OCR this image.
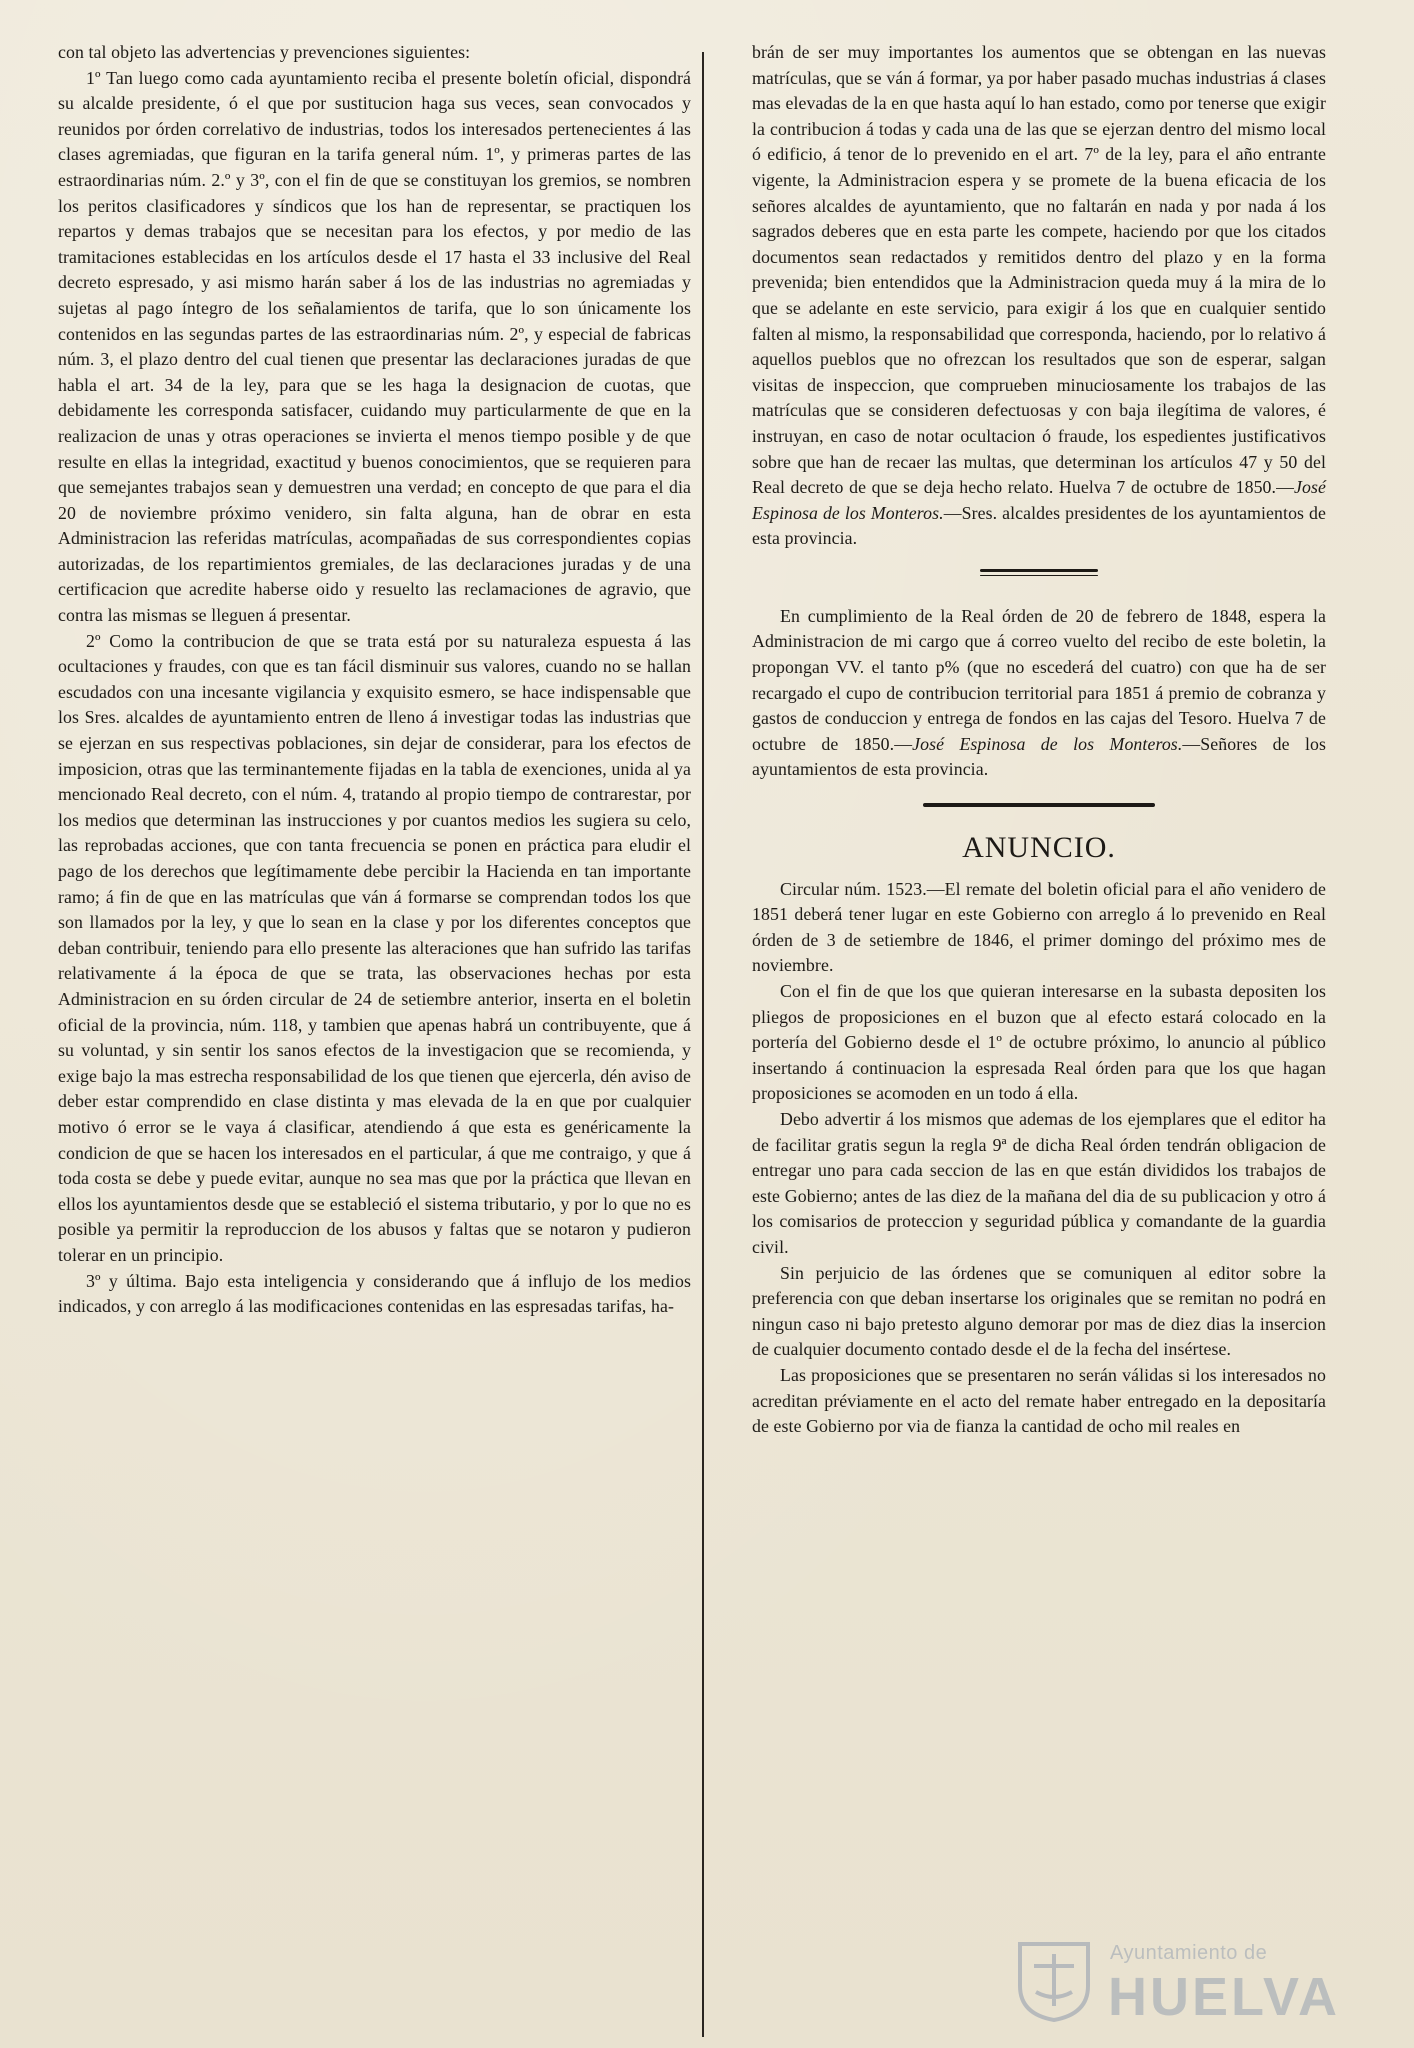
con tal objeto las advertencias y prevenciones siguientes:

1º Tan luego como cada ayuntamiento reciba el presente boletín oficial, dispondrá su alcalde presidente, ó el que por sustitucion haga sus veces, sean convocados y reunidos por órden correlativo de industrias, todos los interesados pertenecientes á las clases agremiadas, que figuran en la tarifa general núm. 1º, y primeras partes de las estraordinarias núm. 2.º y 3º, con el fin de que se constituyan los gremios, se nombren los peritos clasificadores y síndicos que los han de representar, se practiquen los repartos y demas trabajos que se necesitan para los efectos, y por medio de las tramitaciones establecidas en los artículos desde el 17 hasta el 33 inclusive del Real decreto espresado, y asi mismo harán saber á los de las industrias no agremiadas y sujetas al pago íntegro de los señalamientos de tarifa, que lo son únicamente los contenidos en las segundas partes de las estraordinarias núm. 2º, y especial de fabricas núm. 3, el plazo dentro del cual tienen que presentar las declaraciones juradas de que habla el art. 34 de la ley, para que se les haga la designacion de cuotas, que debidamente les corresponda satisfacer, cuidando muy particularmente de que en la realizacion de unas y otras operaciones se invierta el menos tiempo posible y de que resulte en ellas la integridad, exactitud y buenos conocimientos, que se requieren para que semejantes trabajos sean y demuestren una verdad; en concepto de que para el dia 20 de noviembre próximo venidero, sin falta alguna, han de obrar en esta Administracion las referidas matrículas, acompañadas de sus correspondientes copias autorizadas, de los repartimientos gremiales, de las declaraciones juradas y de una certificacion que acredite haberse oido y resuelto las reclamaciones de agravio, que contra las mismas se lleguen á presentar.

2º Como la contribucion de que se trata está por su naturaleza espuesta á las ocultaciones y fraudes, con que es tan fácil disminuir sus valores, cuando no se hallan escudados con una incesante vigilancia y exquisito esmero, se hace indispensable que los Sres. alcaldes de ayuntamiento entren de lleno á investigar todas las industrias que se ejerzan en sus respectivas poblaciones, sin dejar de considerar, para los efectos de imposicion, otras que las terminantemente fijadas en la tabla de exenciones, unida al ya mencionado Real decreto, con el núm. 4, tratando al propio tiempo de contrarestar, por los medios que determinan las instrucciones y por cuantos medios les sugiera su celo, las reprobadas acciones, que con tanta frecuencia se ponen en práctica para eludir el pago de los derechos que legítimamente debe percibir la Hacienda en tan importante ramo; á fin de que en las matrículas que ván á formarse se comprendan todos los que son llamados por la ley, y que lo sean en la clase y por los diferentes conceptos que deban contribuir, teniendo para ello presente las alteraciones que han sufrido las tarifas relativamente á la época de que se trata, las observaciones hechas por esta Administracion en su órden circular de 24 de setiembre anterior, inserta en el boletin oficial de la provincia, núm. 118, y tambien que apenas habrá un contribuyente, que á su voluntad, y sin sentir los sanos efectos de la investigacion que se recomienda, y exige bajo la mas estrecha responsabilidad de los que tienen que ejercerla, dén aviso de deber estar comprendido en clase distinta y mas elevada de la en que por cualquier motivo ó error se le vaya á clasificar, atendiendo á que esta es genéricamente la condicion de que se hacen los interesados en el particular, á que me contraigo, y que á toda costa se debe y puede evitar, aunque no sea mas que por la práctica que llevan en ellos los ayuntamientos desde que se estableció el sistema tributario, y por lo que no es posible ya permitir la reproduccion de los abusos y faltas que se notaron y pudieron tolerar en un principio.

3º y última. Bajo esta inteligencia y considerando que á influjo de los medios indicados, y con arreglo á las modificaciones contenidas en las espresadas tarifas, ha-

brán de ser muy importantes los aumentos que se obtengan en las nuevas matrículas, que se ván á formar, ya por haber pasado muchas industrias á clases mas elevadas de la en que hasta aquí lo han estado, como por tenerse que exigir la contribucion á todas y cada una de las que se ejerzan dentro del mismo local ó edificio, á tenor de lo prevenido en el art. 7º de la ley, para el año entrante vigente, la Administracion espera y se promete de la buena eficacia de los señores alcaldes de ayuntamiento, que no faltarán en nada y por nada á los sagrados deberes que en esta parte les compete, haciendo por que los citados documentos sean redactados y remitidos dentro del plazo y en la forma prevenida; bien entendidos que la Administracion queda muy á la mira de lo que se adelante en este servicio, para exigir á los que en cualquier sentido falten al mismo, la responsabilidad que corresponda, haciendo, por lo relativo á aquellos pueblos que no ofrezcan los resultados que son de esperar, salgan visitas de inspeccion, que comprueben minuciosamente los trabajos de las matrículas que se consideren defectuosas y con baja ilegítima de valores, é instruyan, en caso de notar ocultacion ó fraude, los espedientes justificativos sobre que han de recaer las multas, que determinan los artículos 47 y 50 del Real decreto de que se deja hecho relato. Huelva 7 de octubre de 1850.—José Espinosa de los Monteros.—Sres. alcaldes presidentes de los ayuntamientos de esta provincia.

En cumplimiento de la Real órden de 20 de febrero de 1848, espera la Administracion de mi cargo que á correo vuelto del recibo de este boletin, la propongan VV. el tanto p% (que no escederá del cuatro) con que ha de ser recargado el cupo de contribucion territorial para 1851 á premio de cobranza y gastos de conduccion y entrega de fondos en las cajas del Tesoro. Huelva 7 de octubre de 1850.—José Espinosa de los Monteros.—Señores de los ayuntamientos de esta provincia.

ANUNCIO.

Circular núm. 1523.—El remate del boletin oficial para el año venidero de 1851 deberá tener lugar en este Gobierno con arreglo á lo prevenido en Real órden de 3 de setiembre de 1846, el primer domingo del próximo mes de noviembre.

Con el fin de que los que quieran interesarse en la subasta depositen los pliegos de proposiciones en el buzon que al efecto estará colocado en la portería del Gobierno desde el 1º de octubre próximo, lo anuncio al público insertando á continuacion la espresada Real órden para que los que hagan proposiciones se acomoden en un todo á ella.

Debo advertir á los mismos que ademas de los ejemplares que el editor ha de facilitar gratis segun la regla 9ª de dicha Real órden tendrán obligacion de entregar uno para cada seccion de las en que están divididos los trabajos de este Gobierno; antes de las diez de la mañana del dia de su publicacion y otro á los comisarios de proteccion y seguridad pública y comandante de la guardia civil.

Sin perjuicio de las órdenes que se comuniquen al editor sobre la preferencia con que deban insertarse los originales que se remitan no podrá en ningun caso ni bajo pretesto alguno demorar por mas de diez dias la insercion de cualquier documento contado desde el de la fecha del insértese.

Las proposiciones que se presentaren no serán válidas si los interesados no acreditan préviamente en el acto del remate haber entregado en la depositaría de este Gobierno por via de fianza la cantidad de ocho mil reales en

Ayuntamiento de
HUELVA
